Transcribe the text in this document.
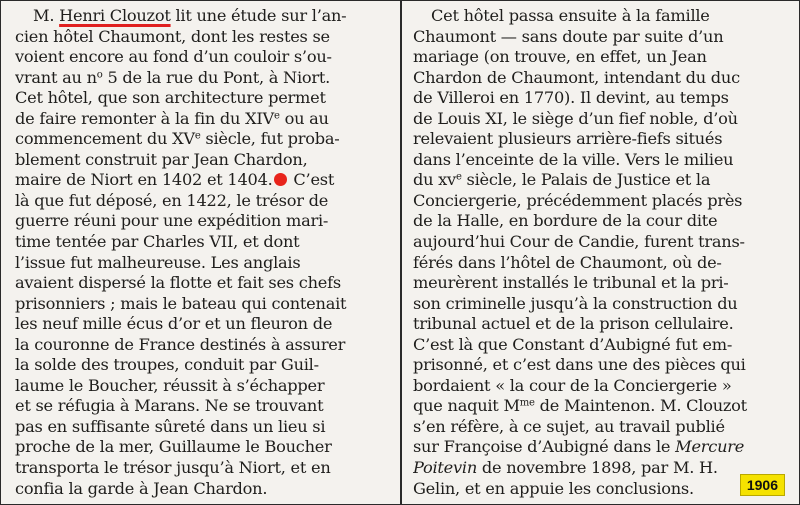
M. Henri Clouzot lit une étude sur l’an-
cien hôtel Chaumont, dont les restes se
voient encore au fond d’un couloir s’ou-
vrant au $n^o$ 5 de la rue du Pont, à Niort.
Cet hôtel, que son architecture permet
de faire remonter à la fin du XIVe ou au
commencement du XVe siècle, fut proba-
blement construit par Jean Chardon,
maire de Niort en 1402 et 1404. C’est
là que fut déposé, en 1422, le trésor de
guerre réuni pour une expédition mari-
time tentée par Charles VII, et dont
l’issue fut malheureuse. Les anglais
avaient dispersé la flotte et fait ses chefs
prisonniers ; mais le bateau qui contenait
les neuf mille écus d’or et un fleuron de
la couronne de France destinés à assurer
la solde des troupes, conduit par Guil-
laume le Boucher, réussit à s’échapper
et se réfugia à Marans. Ne se trouvant
pas en suffisante sûreté dans un lieu si
proche de la mer, Guillaume le Boucher
transporta le trésor jusqu’à Niort, et en
confia la garde à Jean Chardon.
Cet hôtel passa ensuite à la famille
Chaumont — sans doute par suite d’un
mariage (on trouve, en effet, un Jean
Chardon de Chaumont, intendant du duc
de Villeroi en 1770). Il devint, au temps
de Louis XI, le siège d’un fief noble, d’où
relevaient plusieurs arrière-fiefs situés
dans l’enceinte de la ville. Vers le milieu
du $xv^e$ siècle, le Palais de Justice et la
Conciergerie, précédemment placés près
de la Halle, en bordure de la cour dite
aujourd’hui Cour de Candie, furent trans-
férés dans l’hôtel de Chaumont, où de-
meurèrent installés le tribunal et la pri-
son criminelle jusqu’à la construction du
tribunal actuel et de la prison cellulaire.
C’est là que Constant d’Aubigné fut em-
prisonné, et c’est dans une des pièces qui
bordaient « la cour de la Conciergerie »
que naquit $M^{me}$ de Maintenon. M. Clouzot
s’en réfère, à ce sujet, au travail publié
sur Françoise d’Aubigné dans le Mercure
Poitevin de novembre 1898, par M. H.
Gelin, et en appuie les conclusions.	1906
